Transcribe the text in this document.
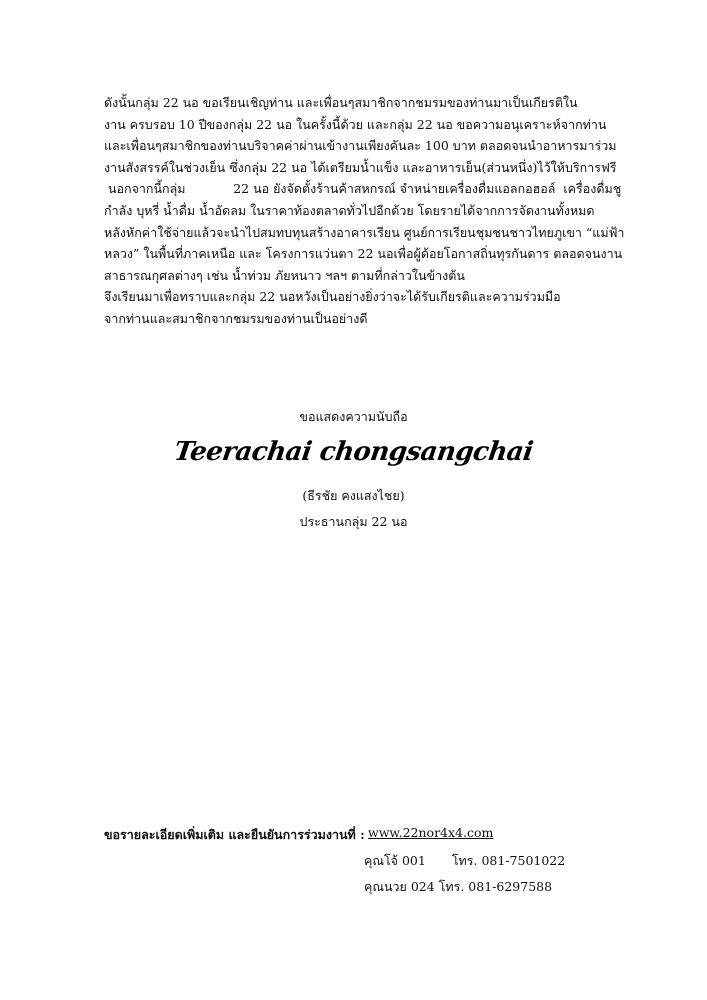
ดังนั้นกลุ่ม 22 นอ ขอเรียนเชิญท่าน และเพื่อนๆสมาชิกจากชมรมของท่านมาเป็นเกียรติใน
งาน ครบรอบ 10 ปีของกลุ่ม 22 นอ ในครั้งนี้ด้วย และกลุ่ม 22 นอ ขอความอนุเคราะห์จากท่าน
และเพื่อนๆสมาชิกของท่านบริจาคค่าผ่านเข้างานเพียงคันละ 100 บาท ตลอดจนนำอาหารมาร่วม
งานสังสรรค์ในช่วงเย็น ซึ่งกลุ่ม 22 นอ ได้เตรียมน้ำแข็ง และอาหารเย็น(ส่วนหนึ่ง)ไว้ให้บริการฟรี
นอกจากนี้กลุ่ม            22 นอ ยังจัดตั้งร้านค้าสหกรณ์ จำหน่ายเครื่องดื่มแอลกอฮอล์  เครื่องดื่มชู
กำลัง บุหรี่ น้ำดื่ม น้ำอัดลม ในราคาท้องตลาดทั่วไปอีกด้วย โดยรายได้จากการจัดงานทั้งหมด
หลังหักค่าใช้จ่ายแล้วจะนำไปสมทบทุนสร้างอาคารเรียน ศูนย์การเรียนชุมชนชาวไทยภูเขา “แม่ฟ้า
หลวง” ในพื้นที่ภาคเหนือ และ โครงการแว่นตา 22 นอเพื่อผู้ด้อยโอกาสถิ่นทุรกันดาร ตลอดจนงาน
สาธารณกุศลต่างๆ เช่น น้ำท่วม ภัยหนาว ฯลฯ ตามที่กล่าวในข้างต้น
จึงเรียนมาเพื่อทราบและกลุ่ม 22 นอหวังเป็นอย่างยิ่งว่าจะได้รับเกียรติและความร่วมมือ
จากท่านและสมาชิกจากชมรมของท่านเป็นอย่างดี
ขอแสดงความนับถือ
Teerachai chongsangchai
(ธีรชัย คงแสงไชย)
ประธานกลุ่ม 22 นอ
ขอรายละเอียดเพิ่มเติม และยืนยันการร่วมงานที่ : www.22nor4x4.com
คุณโจ้ 001 โทร. 081-7501022
คุณนวย 024 โทร. 081-6297588
